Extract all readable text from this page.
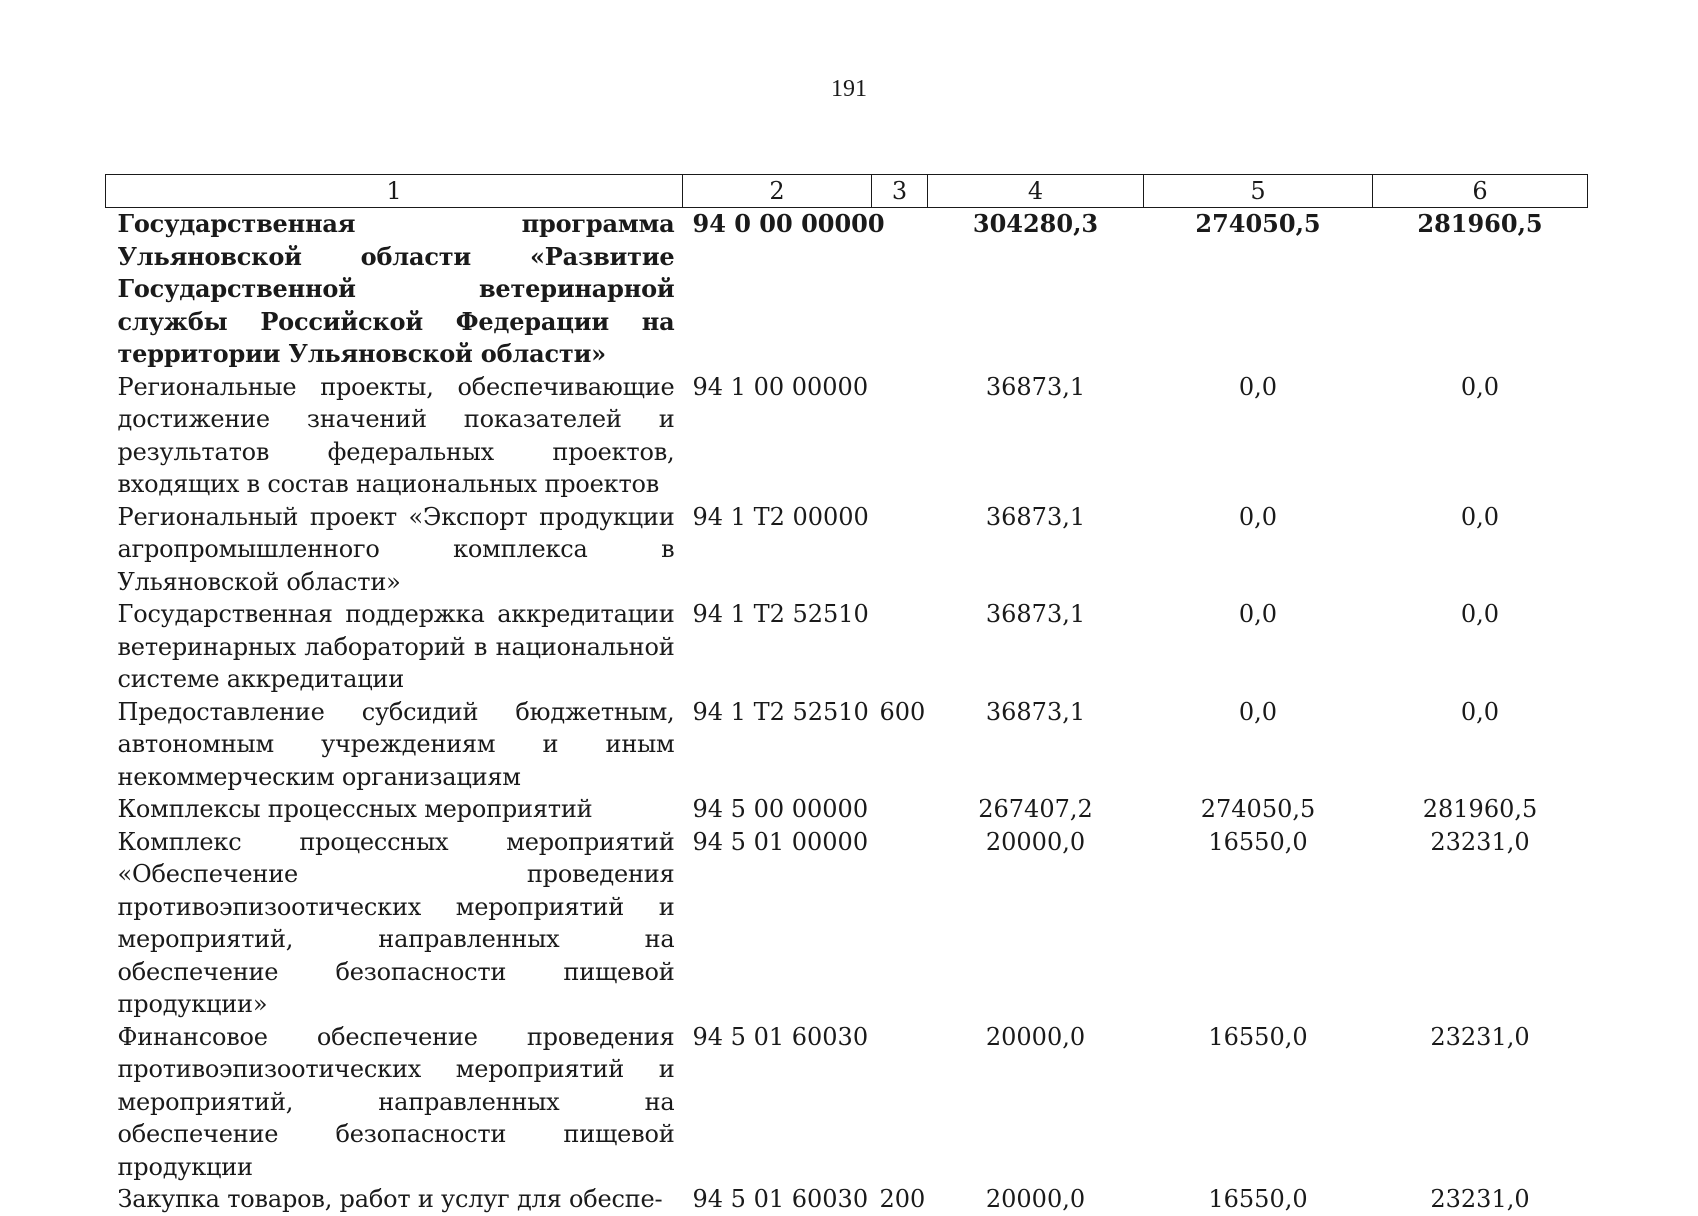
191
1	2	3	4	5	6
Государственная программа Ульяновской области «Развитие Государственной ветеринарной службы Российской Федерации на территории Ульяновской области»	94 0 00 00000		304280,3	274050,5	281960,5
Региональные проекты, обеспечивающие достижение значений показателей и результатов федеральных проектов, входящих в состав национальных проектов	94 1 00 00000		36873,1	0,0	0,0
Региональный проект «Экспорт продукции агропромышленного комплекса в Ульяновской области»	94 1 Т2 00000		36873,1	0,0	0,0
Государственная поддержка аккредитации ветеринарных лабораторий в национальной системе аккредитации	94 1 Т2 52510		36873,1	0,0	0,0
Предоставление субсидий бюджетным, автономным учреждениям и иным некоммерческим организациям	94 1 Т2 52510	600	36873,1	0,0	0,0
Комплексы процессных мероприятий	94 5 00 00000		267407,2	274050,5	281960,5
Комплекс процессных мероприятий «Обеспечение проведения противоэпизоотических мероприятий и мероприятий, направленных на обеспечение безопасности пищевой продукции»	94 5 01 00000		20000,0	16550,0	23231,0
Финансовое обеспечение проведения противоэпизоотических мероприятий и мероприятий, направленных на обеспечение безопасности пищевой продукции	94 5 01 60030		20000,0	16550,0	23231,0
Закупка товаров, работ и услуг для обеспе-	94 5 01 60030	200	20000,0	16550,0	23231,0
